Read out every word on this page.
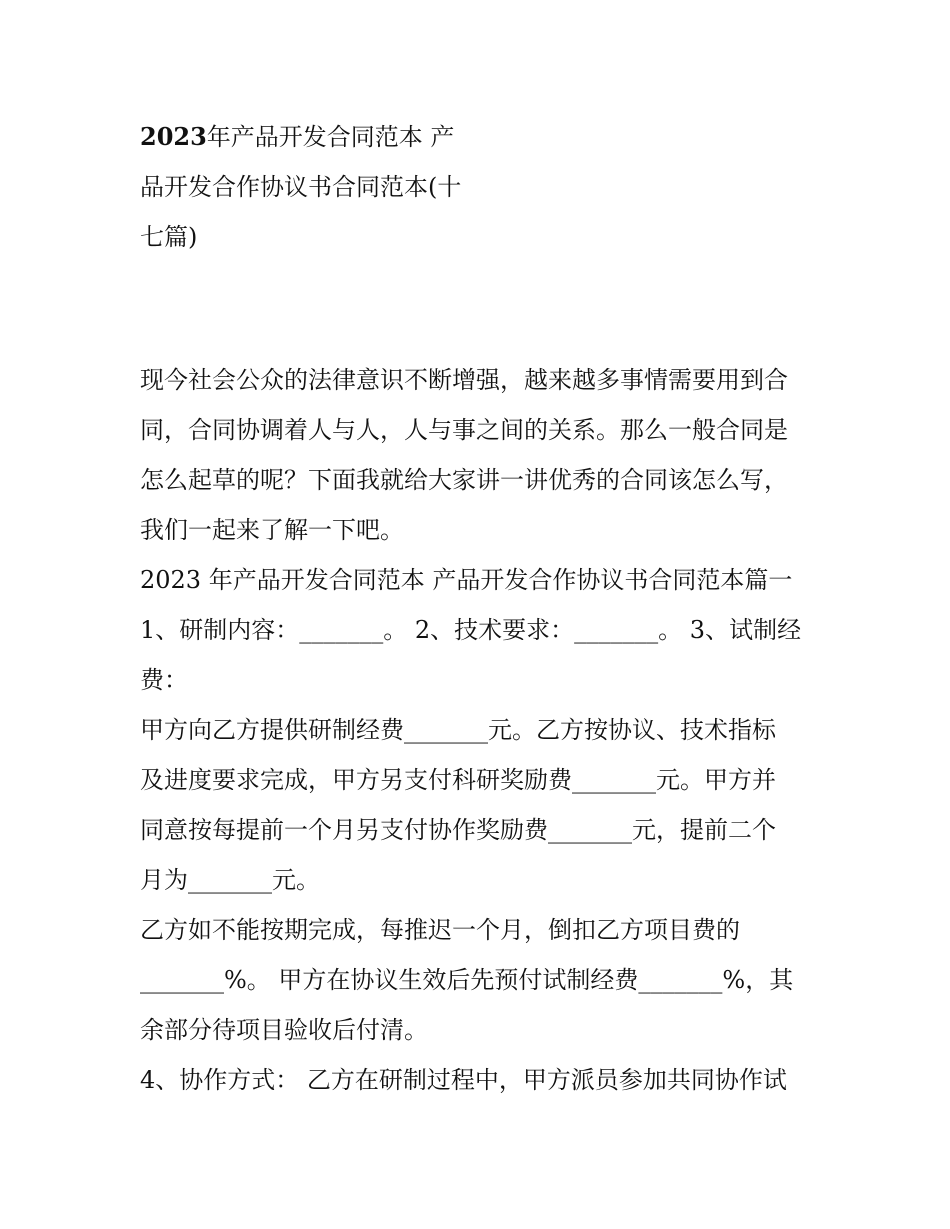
2023年产品开发合同范本 产
品开发合作协议书合同范本(十
七篇)
现今社会公众的法律意识不断增强，越来越多事情需要用到合
同，合同协调着人与人，人与事之间的关系。那么一般合同是
怎么起草的呢？下面我就给大家讲一讲优秀的合同该怎么写，
我们一起来了解一下吧。
2023 年产品开发合同范本 产品开发合作协议书合同范本篇一
1、研制内容：_______。 2、技术要求：_______。 3、试制经
费：
甲方向乙方提供研制经费_______元。乙方按协议、技术指标
及进度要求完成，甲方另支付科研奖励费_______元。甲方并
同意按每提前一个月另支付协作奖励费_______元，提前二个
月为_______元。
乙方如不能按期完成，每推迟一个月，倒扣乙方项目费的
_______%。 甲方在协议生效后先预付试制经费_______%，其
余部分待项目验收后付清。
4、协作方式： 乙方在研制过程中，甲方派员参加共同协作试
